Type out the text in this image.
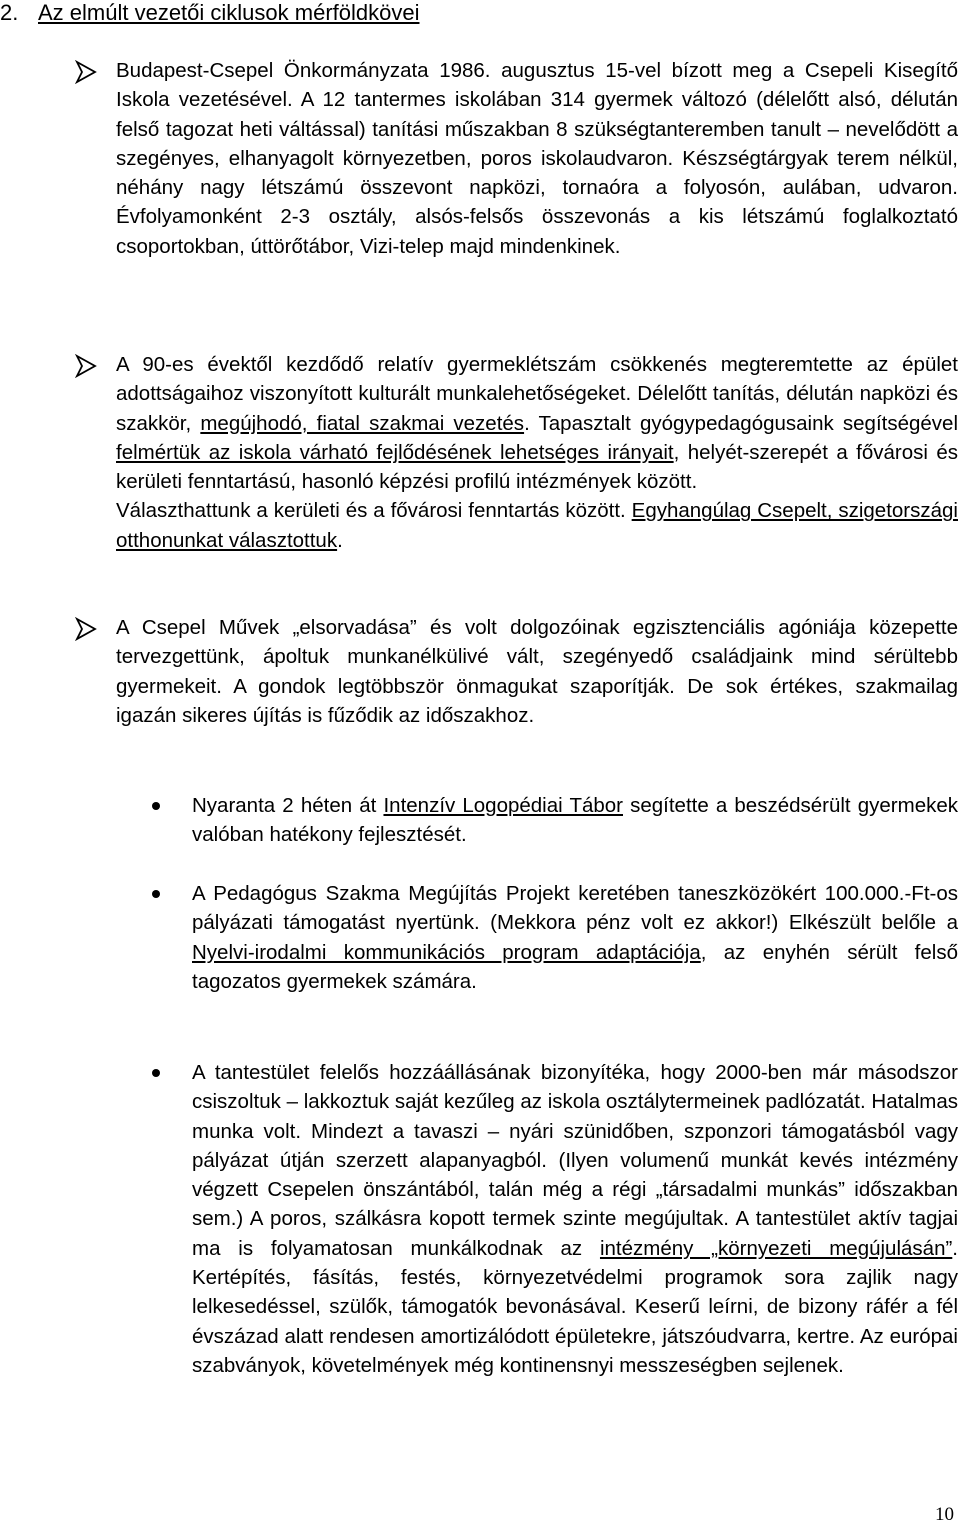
2. Az elmúlt vezetői ciklusok mérföldkövei
Budapest-Csepel Önkormányzata 1986. augusztus 15-vel bízott meg a Csepeli Kisegítő Iskola vezetésével. A 12 tantermes iskolában 314 gyermek változó (délelőtt alsó, délután felső tagozat heti váltással) tanítási műszakban 8 szükségtanteremben tanult – nevelődött a szegényes, elhanyagolt környezetben, poros iskolaudvaron. Készségtárgyak terem nélkül, néhány nagy létszámú összevont napközi, tornaóra a folyosón, aulában, udvaron. Évfolyamonként 2-3 osztály, alsós-felsős összevonás a kis létszámú foglalkoztató csoportokban, úttörőtábor, Vizi-telep majd mindenkinek.
A 90-es évektől kezdődő relatív gyermeklétszám csökkenés megteremtette az épület adottságaihoz viszonyított kulturált munkalehetőségeket. Délelőtt tanítás, délután napközi és szakkör, megújhodó, fiatal szakmai vezetés. Tapasztalt gyógypedagógusaink segítségével felmértük az iskola várható fejlődésének lehetséges irányait, helyét-szerepét a fővárosi és kerületi fenntartású, hasonló képzési profilú intézmények között.
Választhattunk a kerületi és a fővárosi fenntartás között. Egyhangúlag Csepelt, szigetországi otthonunkat választottuk.
A Csepel Művek „elsorvadása” és volt dolgozóinak egzisztenciális agóniája közepette tervezgettünk, ápoltuk munkanélkülivé vált, szegényedő családjaink mind sérültebb gyermekeit. A gondok legtöbbször önmagukat szaporítják. De sok értékes, szakmailag igazán sikeres újítás is fűződik az időszakhoz.
Nyaranta 2 héten át Intenzív Logopédiai Tábor segítette a beszédsérült gyermekek valóban hatékony fejlesztését.
A Pedagógus Szakma Megújítás Projekt keretében taneszközökért 100.000.-Ft-os pályázati támogatást nyertünk. (Mekkora pénz volt ez akkor!) Elkészült belőle a Nyelvi-irodalmi kommunikációs program adaptációja, az enyhén sérült felső tagozatos gyermekek számára.
A tantestület felelős hozzáállásának bizonyítéka, hogy 2000-ben már másodszor csiszoltuk – lakkoztuk saját kezűleg az iskola osztálytermeinek padlózatát. Hatalmas munka volt. Mindezt a tavaszi – nyári szünidőben, szponzori támogatásból vagy pályázat útján szerzett alapanyagból. (Ilyen volumenű munkát kevés intézmény végzett Csepelen önszántából, talán még a régi „társadalmi munkás” időszakban sem.) A poros, szálkásra kopott termek szinte megújultak. A tantestület aktív tagjai ma is folyamatosan munkálkodnak az intézmény „környezeti megújulásán”. Kertépítés, fásítás, festés, környezetvédelmi programok sora zajlik nagy lelkesedéssel, szülők, támogatók bevonásával. Keserű leírni, de bizony ráfér a fél évszázad alatt rendesen amortizálódott épületekre, játszóudvarra, kertre. Az európai szabványok, követelmények még kontinensnyi messzeségben sejlenek.
10
